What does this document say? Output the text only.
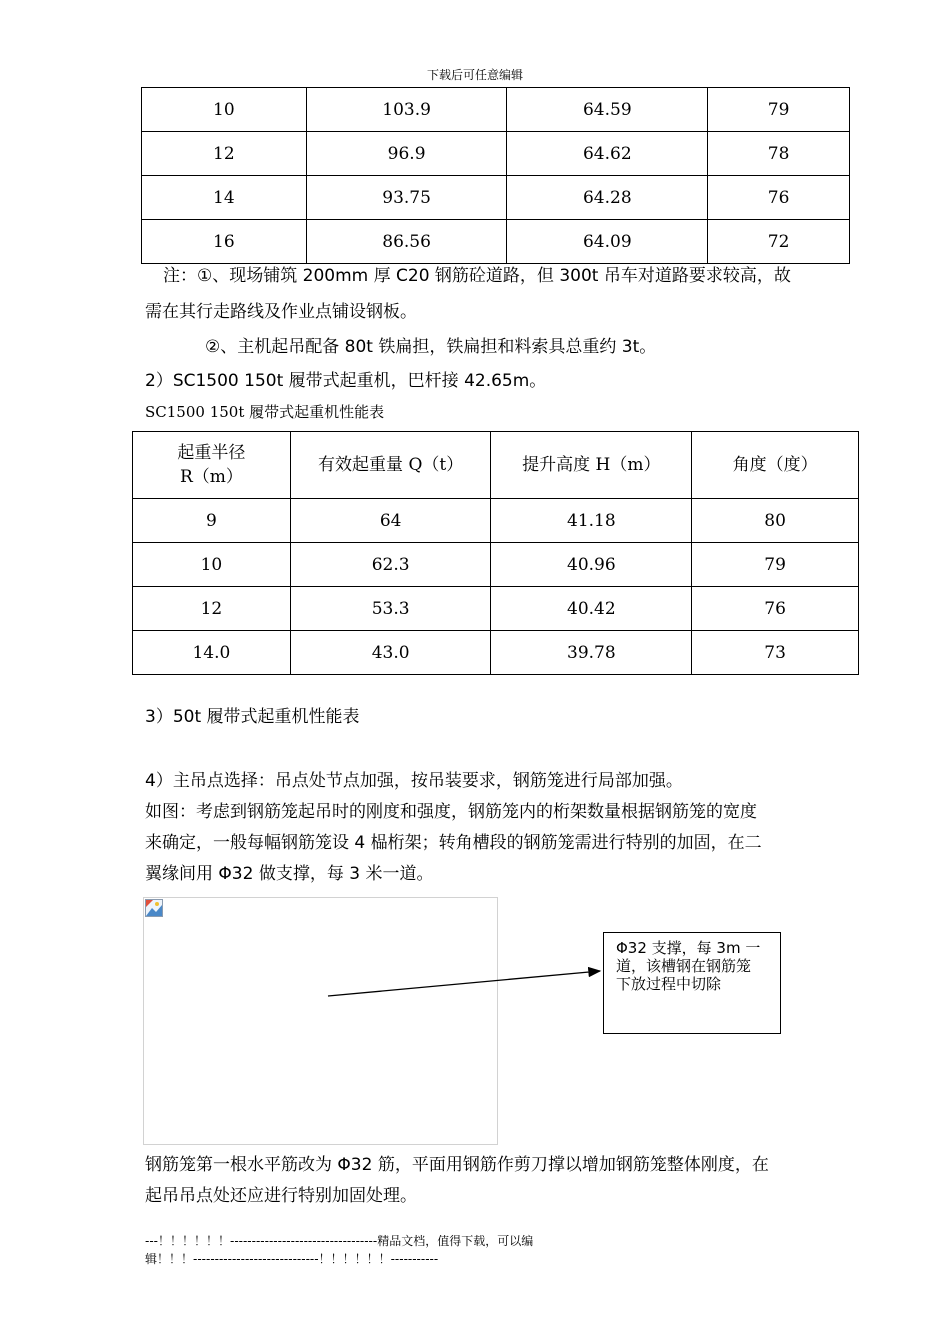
下载后可任意编辑
10	103.9	64.59	79
12	96.9	64.62	78
14	93.75	64.28	76
16	86.56	64.09	72
注：①、现场铺筑 200mm 厚 C20 钢筋砼道路，但 300t 吊车对道路要求较高，故
需在其行走路线及作业点铺设钢板。
②、主机起吊配备 80t 铁扁担，铁扁担和料索具总重约 3t。
2）SC1500 150t 履带式起重机，巴杆接 42.65m。
SC1500 150t 履带式起重机性能表
起重半径
R（m）	有效起重量 Q（t）	提升高度 H（m）	角度（度）
9	64	41.18	80
10	62.3	40.96	79
12	53.3	40.42	76
14.0	43.0	39.78	73
3）50t 履带式起重机性能表
4）主吊点选择：吊点处节点加强，按吊装要求，钢筋笼进行局部加强。
如图：考虑到钢筋笼起吊时的刚度和强度，钢筋笼内的桁架数量根据钢筋笼的宽度
来确定，一般每幅钢筋笼设 4 榀桁架；转角槽段的钢筋笼需进行特别的加固，在二
翼缘间用 Φ32 做支撑，每 3 米一道。
Φ32 支撑，每 3m 一
道，该槽钢在钢筋笼
下放过程中切除
钢筋笼第一根水平筋改为 Φ32 筋，平面用钢筋作剪刀撑以增加钢筋笼整体刚度，在
起吊吊点处还应进行特别加固处理。
---！！！！！！----------------------------------精品文档，值得下载，可以编
辑！！！-----------------------------！！！！！！-----------
